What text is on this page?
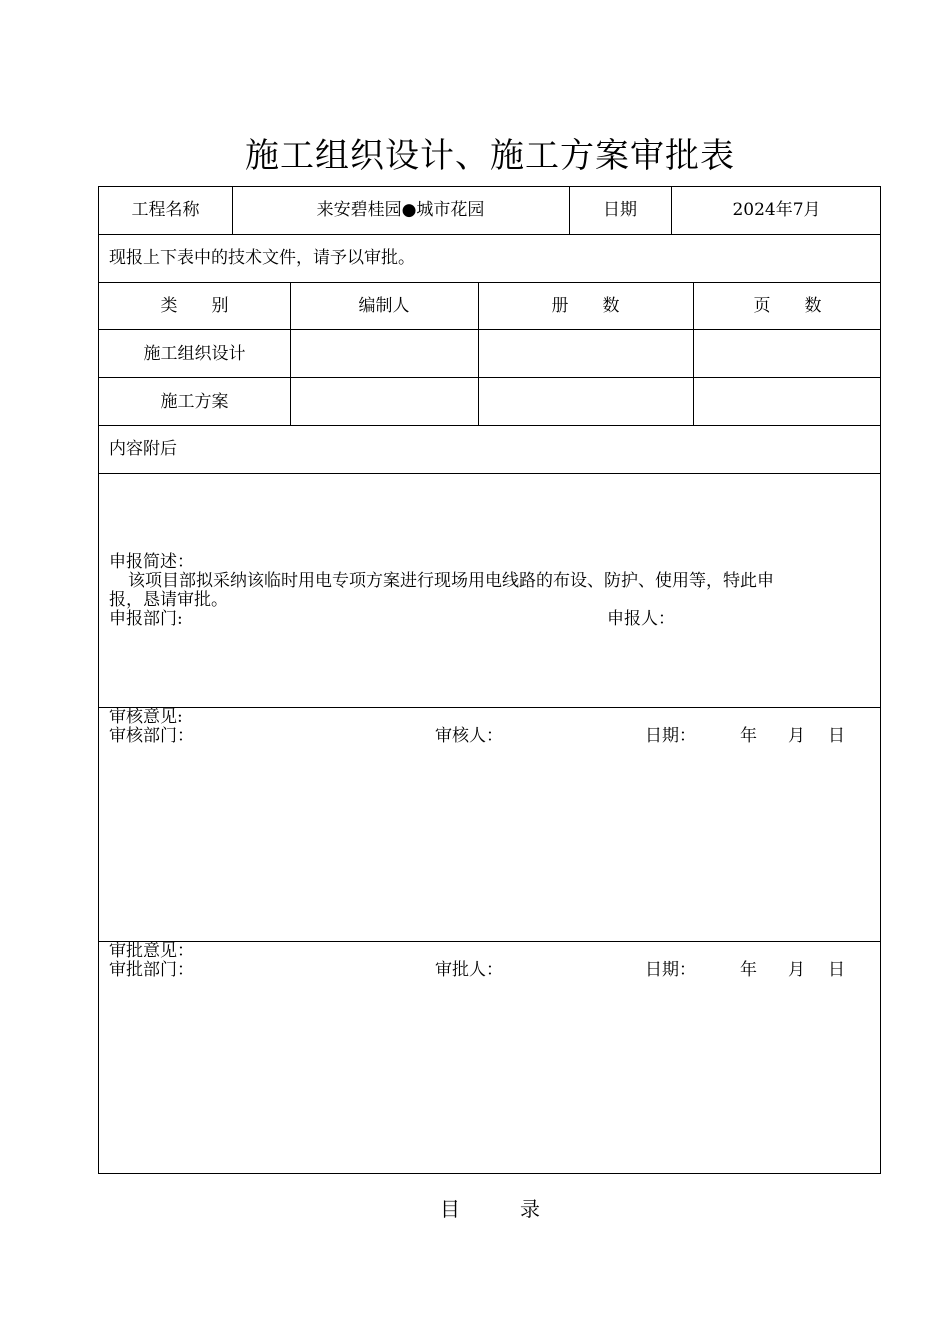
施工组织设计、施工方案审批表
工程名称	来安碧桂园●城市花园	日期	2024年7月
现报上下表中的技术文件，请予以审批。
类　　别	编制人	册　　数	页　　数
施工组织设计
施工方案
内容附后
申报简述：
该项目部拟采纳该临时用电专项方案进行现场用电线路的布设、防护、使用等，特此申
报，恳请审批。
申报部门:	申报人：
审核意见:
审核部门：	审核人：	日期：	年 月 日
审批意见：
审批部门：	审批人：	日期：	年 月 日
目　　　录
